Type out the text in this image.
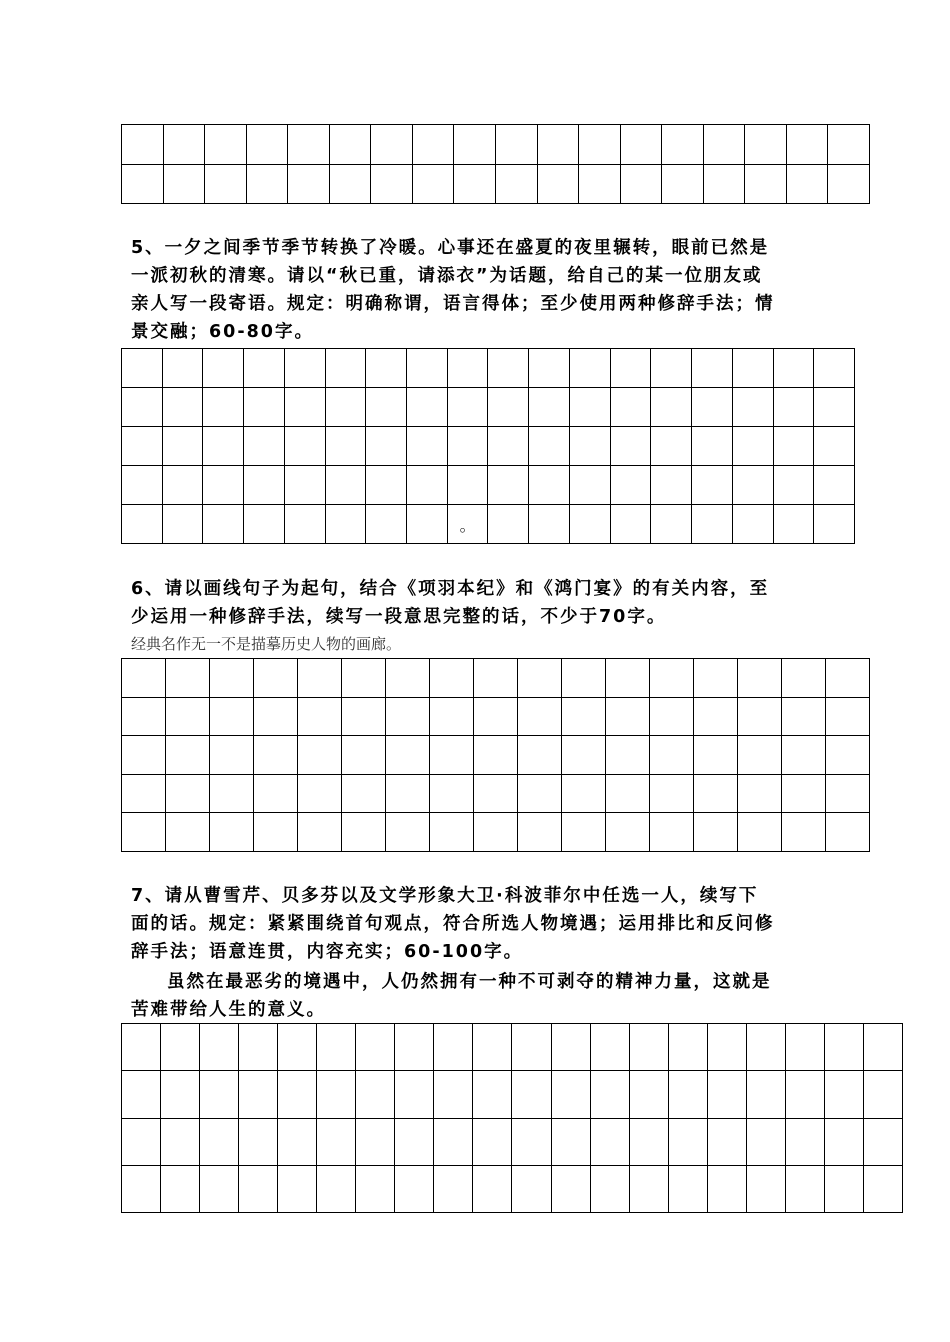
5、一夕之间季节季节转换了冷暖。心事还在盛夏的夜里辗转，眼前已然是

一派初秋的清寒。请以“秋已重，请添衣”为话题，给自己的某一位朋友或

亲人写一段寄语。规定：明确称谓，语言得体；至少使用两种修辞手法；情

景交融；60-80字。

。

6、请以画线句子为起句，结合《项羽本纪》和《鸿门宴》的有关内容，至

少运用一种修辞手法，续写一段意思完整的话，不少于70字。

经典名作无一不是描摹历史人物的画廊。

7、请从曹雪芹、贝多芬以及文学形象大卫·科波菲尔中任选一人，续写下

面的话。规定：紧紧围绕首句观点，符合所选人物境遇；运用排比和反问修

辞手法；语意连贯，内容充实；60-100字。

虽然在最恶劣的境遇中，人仍然拥有一种不可剥夺的精神力量，这就是

苦难带给人生的意义。
